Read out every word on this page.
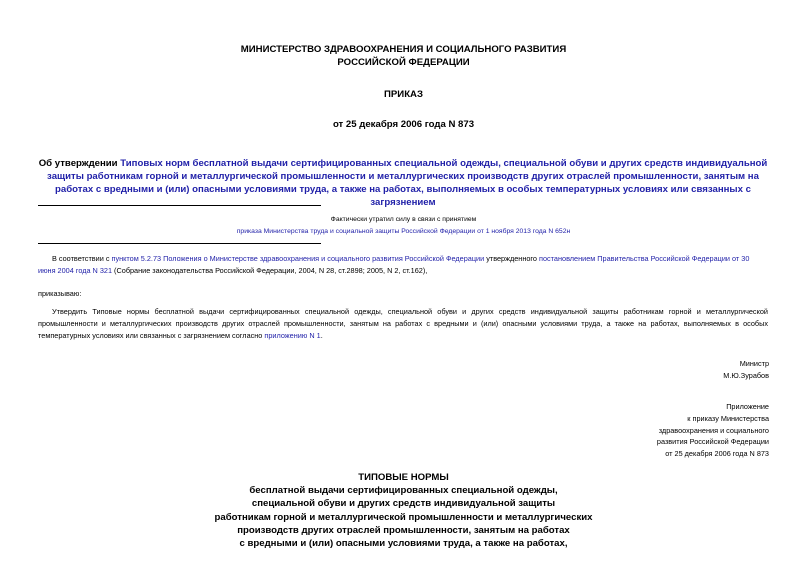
МИНИСТЕРСТВО ЗДРАВООХРАНЕНИЯ И СОЦИАЛЬНОГО РАЗВИТИЯ
РОССИЙСКОЙ ФЕДЕРАЦИИ
ПРИКАЗ
от 25 декабря 2006 года N 873
Об утверждении Типовых норм бесплатной выдачи сертифицированных специальной одежды, специальной обуви и других средств индивидуальной защиты работникам горной и металлургической промышленности и металлургических производств других отраслей промышленности, занятым на работах с вредными и (или) опасными условиями труда, а также на работах, выполняемых в особых температурных условиях или связанных с загрязнением
Фактически утратил силу в связи с принятием
приказа Министерства труда и социальной защиты Российской Федерации от 1 ноября 2013 года N 652н
В соответствии с пунктом 5.2.73 Положения о Министерстве здравоохранения и социального развития Российской Федерации утвержденного постановлением Правительства Российской Федерации от 30 июня 2004 года N 321 (Собрание законодательства Российской Федерации, 2004, N 28, ст.2898; 2005, N 2, ст.162),
приказываю:
Утвердить Типовые нормы бесплатной выдачи сертифицированных специальной одежды, специальной обуви и других средств индивидуальной защиты работникам горной и металлургической промышленности и металлургических производств других отраслей промышленности, занятым на работах с вредными и (или) опасными условиями труда, а также на работах, выполняемых в особых температурных условиях или связанных с загрязнением согласно приложению N 1.
Министр
М.Ю.Зурабов
Приложение
к приказу Министерства
здравоохранения и социального
развития Российской Федерации
от 25 декабря 2006 года N 873
ТИПОВЫЕ НОРМЫ
бесплатной выдачи сертифицированных специальной одежды,
специальной обуви и других средств индивидуальной защиты
работникам горной и металлургической промышленности и металлургических
производств других отраслей промышленности, занятым на работах
с вредными и (или) опасными условиями труда, а также на работах,
